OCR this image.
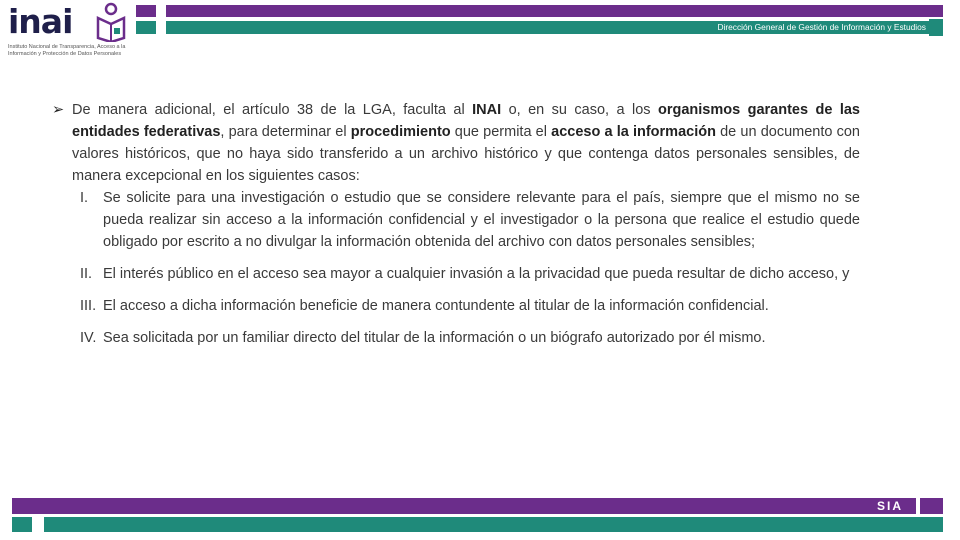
inai
Instituto Nacional de Transparencia, Acceso a la
Información y Protección de Datos Personales
Dirección General de Gestión de Información y Estudios
➢ De manera adicional, el artículo 38 de la LGA, faculta al INAI o, en su caso, a los organismos garantes de las entidades federativas, para determinar el procedimiento que permita el acceso a la información de un documento con valores históricos, que no haya sido transferido a un archivo histórico y que contenga datos personales sensibles, de manera excepcional en los siguientes casos:
I. Se solicite para una investigación o estudio que se considere relevante para el país, siempre que el mismo no se pueda realizar sin acceso a la información confidencial y el investigador o la persona que realice el estudio quede obligado por escrito a no divulgar la información obtenida del archivo con datos personales sensibles;
II. El interés público en el acceso sea mayor a cualquier invasión a la privacidad que pueda resultar de dicho acceso, y
III. El acceso a dicha información beneficie de manera contundente al titular de la información confidencial.
IV. Sea solicitada por un familiar directo del titular de la información o un biógrafo autorizado por él mismo.
SIA
